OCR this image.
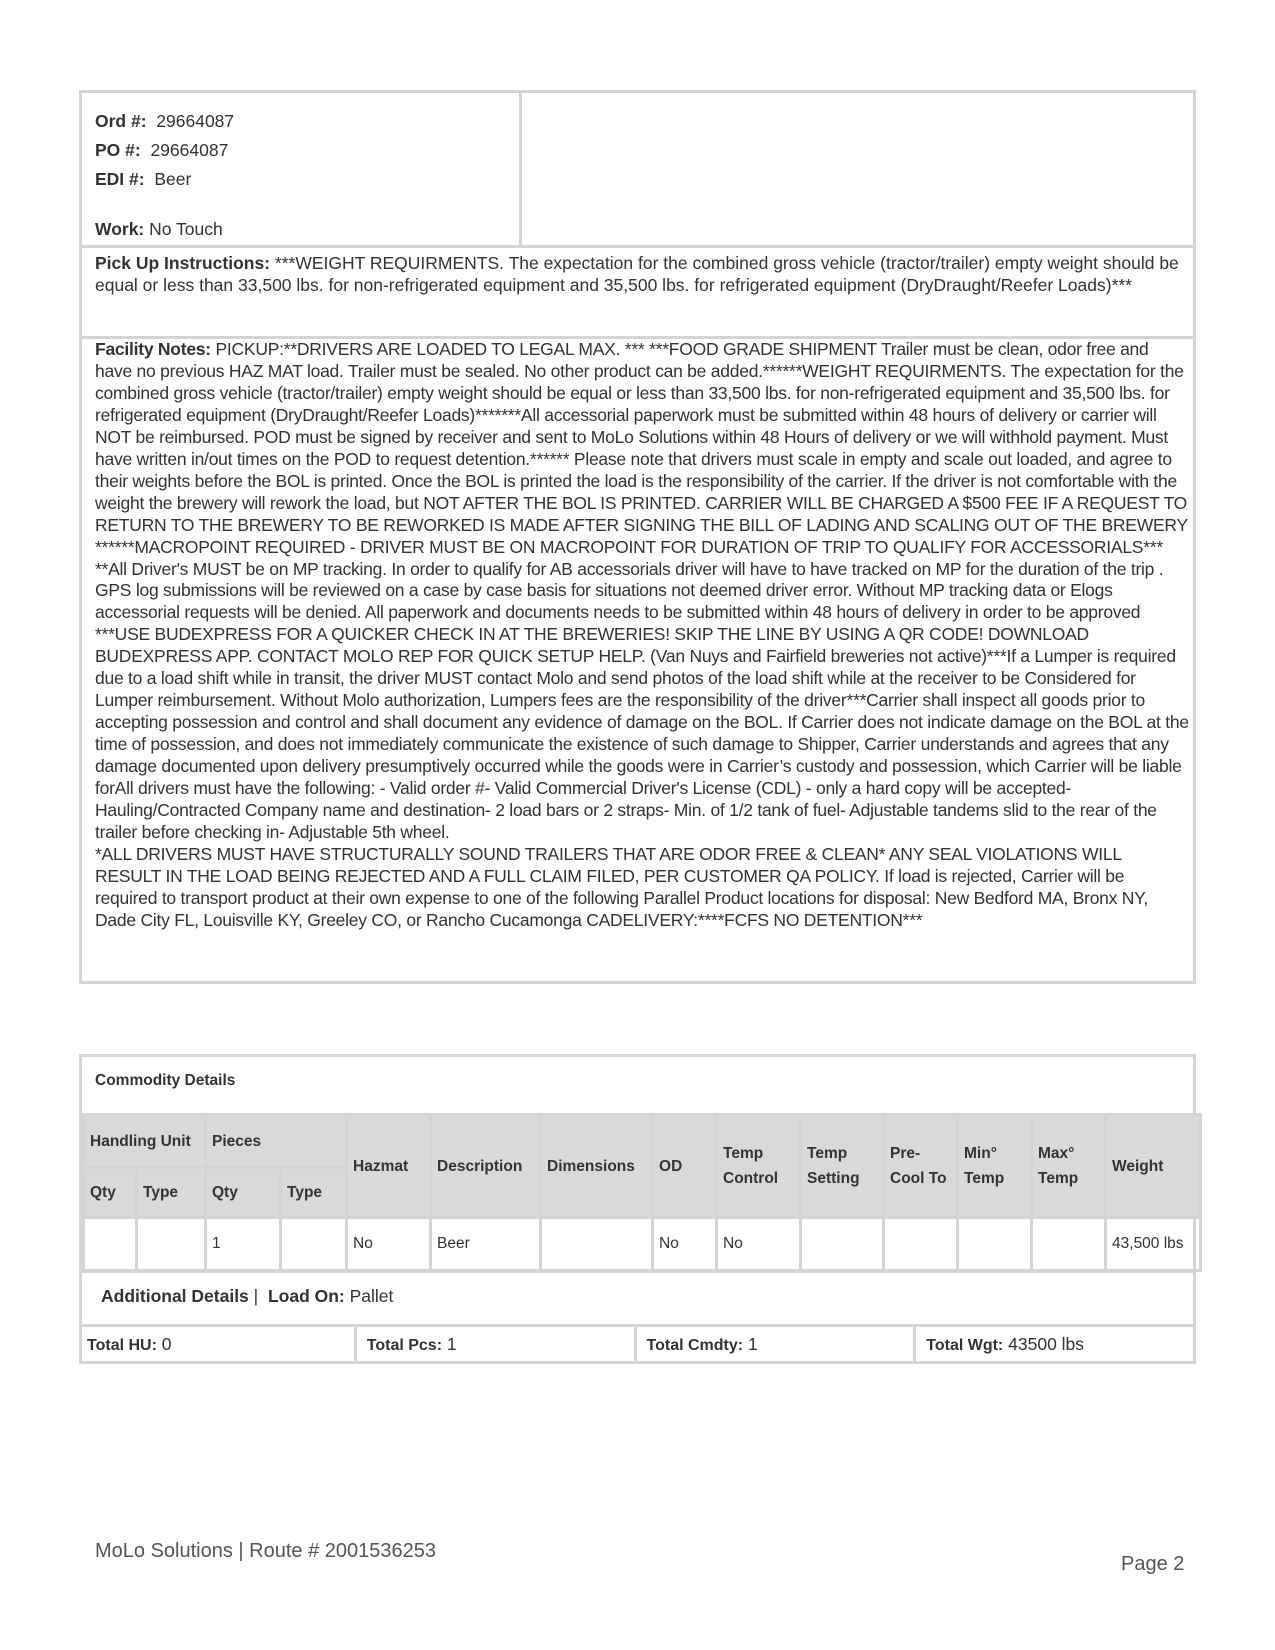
Ord #: 29664087
PO #: 29664087
EDI #: Beer
Work: No Touch
Pick Up Instructions: ***WEIGHT REQUIRMENTS. The expectation for the combined gross vehicle (tractor/trailer) empty weight should be equal or less than 33,500 lbs. for non-refrigerated equipment and 35,500 lbs. for refrigerated equipment (DryDraught/Reefer Loads)***

Facility Notes: PICKUP:**DRIVERS ARE LOADED TO LEGAL MAX. *** ***FOOD GRADE SHIPMENT Trailer must be clean, odor free and have no previous HAZ MAT load. Trailer must be sealed. No other product can be added.******WEIGHT REQUIRMENTS. The expectation for the combined gross vehicle (tractor/trailer) empty weight should be equal or less than 33,500 lbs. for non-refrigerated equipment and 35,500 lbs. for refrigerated equipment (DryDraught/Reefer Loads)*******All accessorial paperwork must be submitted within 48 hours of delivery or carrier will NOT be reimbursed. POD must be signed by receiver and sent to MoLo Solutions within 48 Hours of delivery or we will withhold payment. Must have written in/out times on the POD to request detention.****** Please note that drivers must scale in empty and scale out loaded, and agree to their weights before the BOL is printed. Once the BOL is printed the load is the responsibility of the carrier. If the driver is not comfortable with the weight the brewery will rework the load, but NOT AFTER THE BOL IS PRINTED. CARRIER WILL BE CHARGED A $500 FEE IF A REQUEST TO RETURN TO THE BREWERY TO BE REWORKED IS MADE AFTER SIGNING THE BILL OF LADING AND SCALING OUT OF THE BREWERY ******MACROPOINT REQUIRED - DRIVER MUST BE ON MACROPOINT FOR DURATION OF TRIP TO QUALIFY FOR ACCESSORIALS*** **All Driver's MUST be on MP tracking. In order to qualify for AB accessorials driver will have to have tracked on MP for the duration of the trip . GPS log submissions will be reviewed on a case by case basis for situations not deemed driver error. Without MP tracking data or Elogs accessorial requests will be denied. All paperwork and documents needs to be submitted within 48 hours of delivery in order to be approved ***USE BUDEXPRESS FOR A QUICKER CHECK IN AT THE BREWERIES! SKIP THE LINE BY USING A QR CODE! DOWNLOAD BUDEXPRESS APP. CONTACT MOLO REP FOR QUICK SETUP HELP. (Van Nuys and Fairfield breweries not active)***If a Lumper is required due to a load shift while in transit, the driver MUST contact Molo and send photos of the load shift while at the receiver to be Considered for Lumper reimbursement. Without Molo authorization, Lumpers fees are the responsibility of the driver***Carrier shall inspect all goods prior to accepting possession and control and shall document any evidence of damage on the BOL. If Carrier does not indicate damage on the BOL at the time of possession, and does not immediately communicate the existence of such damage to Shipper, Carrier understands and agrees that any damage documented upon delivery presumptively occurred while the goods were in Carrier’s custody and possession, which Carrier will be liable forAll drivers must have the following: - Valid order #- Valid Commercial Driver's License (CDL) - only a hard copy will be accepted-Hauling/Contracted Company name and destination- 2 load bars or 2 straps- Min. of 1/2 tank of fuel- Adjustable tandems slid to the rear of the trailer before checking in- Adjustable 5th wheel.

*ALL DRIVERS MUST HAVE STRUCTURALLY SOUND TRAILERS THAT ARE ODOR FREE & CLEAN* ANY SEAL VIOLATIONS WILL RESULT IN THE LOAD BEING REJECTED AND A FULL CLAIM FILED, PER CUSTOMER QA POLICY. If load is rejected, Carrier will be required to transport product at their own expense to one of the following Parallel Product locations for disposal: New Bedford MA, Bronx NY, Dade City FL, Louisville KY, Greeley CO, or Rancho Cucamonga CADELIVERY:****FCFS NO DETENTION***

Commodity Details
Handling Unit		Pieces		Hazmat	Description	Dimensions	OD	Temp Control	Temp Setting	Pre-Cool To	Min° Temp	Max° Temp	Weight
Qty	Type	Qty	Type										
		1		No	Beer		No	No					43,500 lbs
Additional Details | Load On: Pallet
Total HU: 0	Total Pcs: 1	Total Cmdty: 1	Total Wgt: 43500 lbs
MoLo Solutions | Route # 2001536253
Page 2
